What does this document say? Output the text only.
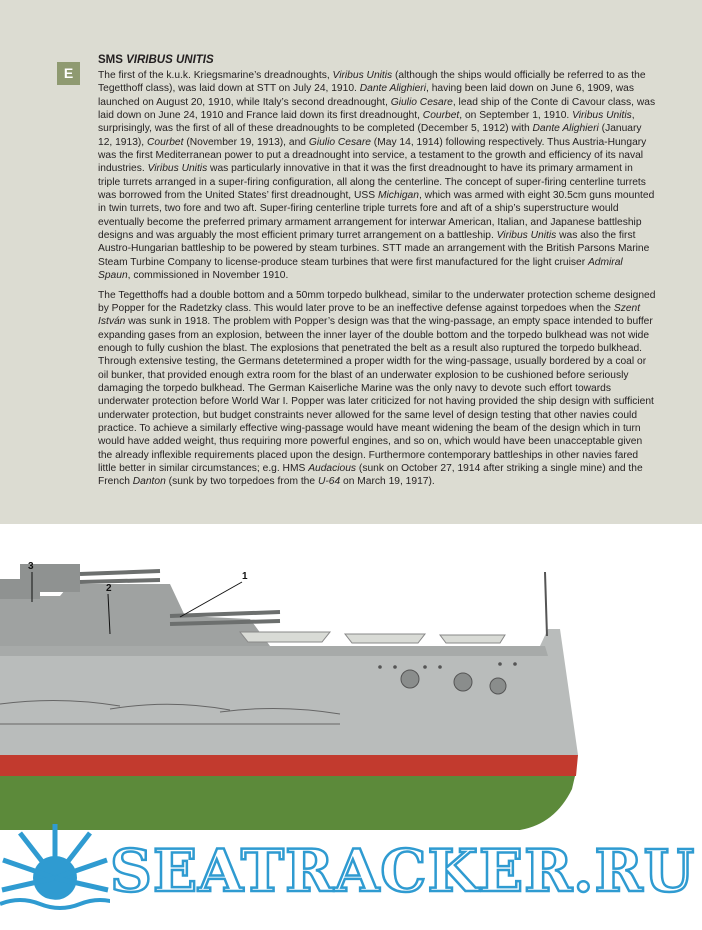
E
SMS VIRIBUS UNITIS

The first of the k.u.k. Kriegsmarine’s dreadnoughts, Viribus Unitis (although the ships would officially be referred to as the Tegetthoff class), was laid down at STT on July 24, 1910. Dante Alighieri, having been laid down on June 6, 1909, was launched on August 20, 1910, while Italy’s second dreadnought, Giulio Cesare, lead ship of the Conte di Cavour class, was laid down on June 24, 1910 and France laid down its first dreadnought, Courbet, on September 1, 1910. Viribus Unitis, surprisingly, was the first of all of these dreadnoughts to be completed (December 5, 1912) with Dante Alighieri (January 12, 1913), Courbet (November 19, 1913), and Giulio Cesare (May 14, 1914) following respectively. Thus Austria-Hungary was the first Mediterranean power to put a dreadnought into service, a testament to the growth and efficiency of its naval industries. Viribus Unitis was particularly innovative in that it was the first dreadnought to have its primary armament in triple turrets arranged in a super-firing configuration, all along the centerline. The concept of super-firing centerline turrets was borrowed from the United States’ first dreadnought, USS Michigan, which was armed with eight 30.5cm guns mounted in twin turrets, two fore and two aft. Super-firing centerline triple turrets fore and aft of a ship’s superstructure would eventually become the preferred primary armament arrangement for interwar American, Italian, and Japanese battleship designs and was arguably the most efficient primary turret arrangement on a battleship. Viribus Unitis was also the first Austro-Hungarian battleship to be powered by steam turbines. STT made an arrangement with the British Parsons Marine Steam Turbine Company to license-produce steam turbines that were first manufactured for the light cruiser Admiral Spaun, commissioned in November 1910.

The Tegetthoffs had a double bottom and a 50mm torpedo bulkhead, similar to the underwater protection scheme designed by Popper for the Radetzky class. This would later prove to be an ineffective defense against torpedoes when the Szent István was sunk in 1918. The problem with Popper’s design was that the wing-passage, an empty space intended to buffer expanding gases from an explosion, between the inner layer of the double bottom and the torpedo bulkhead was not wide enough to fully cushion the blast. The explosions that penetrated the belt as a result also ruptured the torpedo bulkhead. Through extensive testing, the Germans detetermined a proper width for the wing-passage, usually bordered by a coal or oil bunker, that provided enough extra room for the blast of an underwater explosion to be cushioned before seriously damaging the torpedo bulkhead. The German Kaiserliche Marine was the only navy to devote such effort towards underwater protection before World War I. Popper was later criticized for not having provided the ship design with sufficient underwater protection, but budget constraints never allowed for the same level of design testing that other navies could practice. To achieve a similarly effective wing-passage would have meant widening the beam of the design which in turn would have added weight, thus requiring more powerful engines, and so on, which would have been unacceptable given the already inflexible requirements placed upon the design. Furthermore contemporary battleships in other navies fared little better in similar circumstances; e.g. HMS Audacious (sunk on October 27, 1914 after striking a single mine) and the French Danton (sunk by two torpedoes from the U-64 on March 19, 1917).

1
2
3
SEATRACKER.RU
